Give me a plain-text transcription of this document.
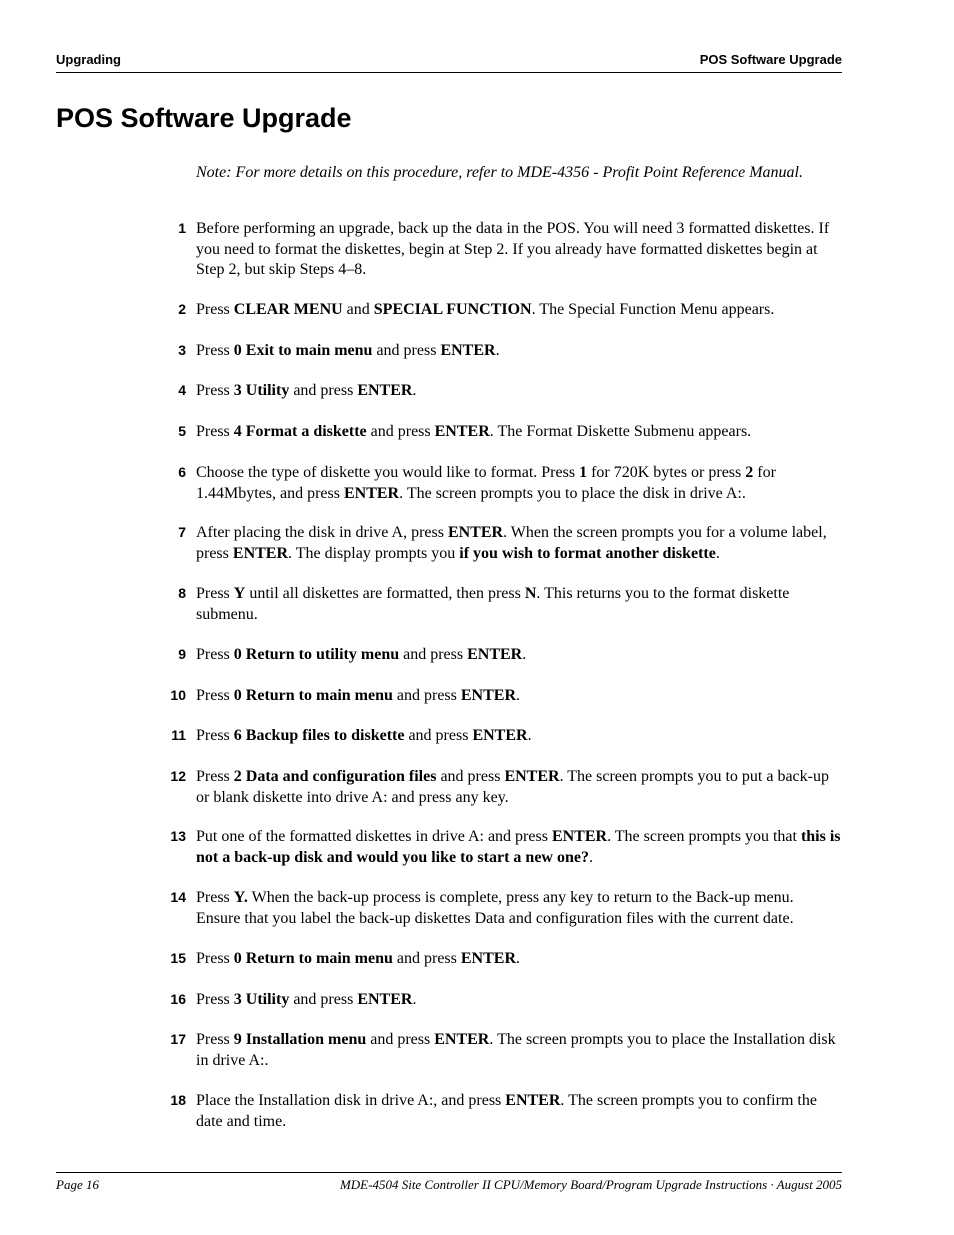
Upgrading	POS Software Upgrade
POS Software Upgrade
Note: For more details on this procedure, refer to MDE-4356 - Profit Point Reference Manual.
1 Before performing an upgrade, back up the data in the POS. You will need 3 formatted diskettes. If you need to format the diskettes, begin at Step 2. If you already have formatted diskettes begin at Step 2, but skip Steps 4–8.
2 Press CLEAR MENU and SPECIAL FUNCTION. The Special Function Menu appears.
3 Press 0 Exit to main menu and press ENTER.
4 Press 3 Utility and press ENTER.
5 Press 4 Format a diskette and press ENTER. The Format Diskette Submenu appears.
6 Choose the type of diskette you would like to format. Press 1 for 720K bytes or press 2 for 1.44Mbytes, and press ENTER. The screen prompts you to place the disk in drive A:.
7 After placing the disk in drive A, press ENTER. When the screen prompts you for a volume label, press ENTER. The display prompts you if you wish to format another diskette.
8 Press Y until all diskettes are formatted, then press N. This returns you to the format diskette submenu.
9 Press 0 Return to utility menu and press ENTER.
10 Press 0 Return to main menu and press ENTER.
11 Press 6 Backup files to diskette and press ENTER.
12 Press 2 Data and configuration files and press ENTER. The screen prompts you to put a back-up or blank diskette into drive A: and press any key.
13 Put one of the formatted diskettes in drive A: and press ENTER. The screen prompts you that this is not a back-up disk and would you like to start a new one?.
14 Press Y. When the back-up process is complete, press any key to return to the Back-up menu. Ensure that you label the back-up diskettes Data and configuration files with the current date.
15 Press 0 Return to main menu and press ENTER.
16 Press 3 Utility and press ENTER.
17 Press 9 Installation menu and press ENTER. The screen prompts you to place the Installation disk in drive A:.
18 Place the Installation disk in drive A:, and press ENTER. The screen prompts you to confirm the date and time.
Page 16	MDE-4504 Site Controller II CPU/Memory Board/Program Upgrade Instructions · August 2005
